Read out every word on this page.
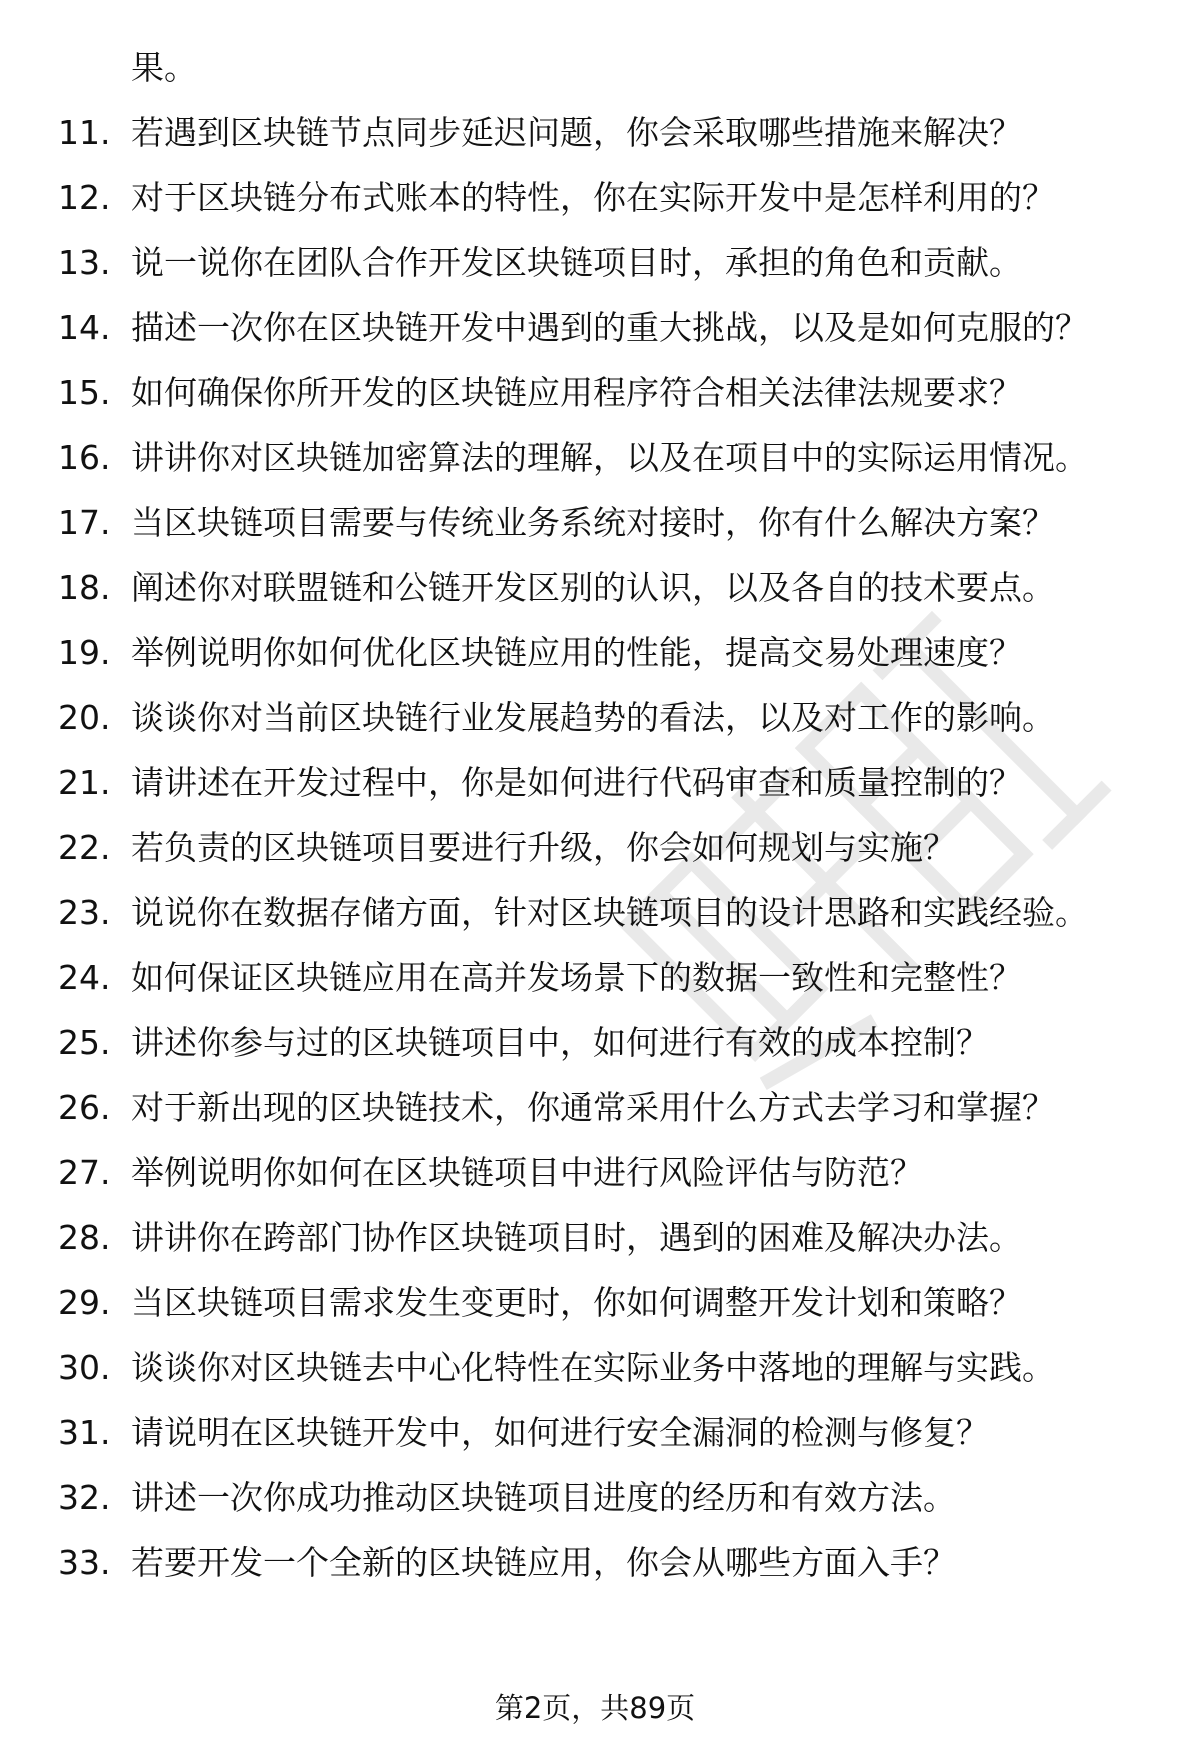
果。
11. 若遇到区块链节点同步延迟问题，你会采取哪些措施来解决？
12. 对于区块链分布式账本的特性，你在实际开发中是怎样利用的？
13. 说一说你在团队合作开发区块链项目时，承担的角色和贡献。
14. 描述一次你在区块链开发中遇到的重大挑战，以及是如何克服的？
15. 如何确保你所开发的区块链应用程序符合相关法律法规要求？
16. 讲讲你对区块链加密算法的理解，以及在项目中的实际运用情况。
17. 当区块链项目需要与传统业务系统对接时，你有什么解决方案？
18. 阐述你对联盟链和公链开发区别的认识，以及各自的技术要点。
19. 举例说明你如何优化区块链应用的性能，提高交易处理速度？
20. 谈谈你对当前区块链行业发展趋势的看法，以及对工作的影响。
21. 请讲述在开发过程中，你是如何进行代码审查和质量控制的？
22. 若负责的区块链项目要进行升级，你会如何规划与实施？
23. 说说你在数据存储方面，针对区块链项目的设计思路和实践经验。
24. 如何保证区块链应用在高并发场景下的数据一致性和完整性？
25. 讲述你参与过的区块链项目中，如何进行有效的成本控制？
26. 对于新出现的区块链技术，你通常采用什么方式去学习和掌握？
27. 举例说明你如何在区块链项目中进行风险评估与防范？
28. 讲讲你在跨部门协作区块链项目时，遇到的困难及解决办法。
29. 当区块链项目需求发生变更时，你如何调整开发计划和策略？
30. 谈谈你对区块链去中心化特性在实际业务中落地的理解与实践。
31. 请说明在区块链开发中，如何进行安全漏洞的检测与修复？
32. 讲述一次你成功推动区块链项目进度的经历和有效方法。
33. 若要开发一个全新的区块链应用，你会从哪些方面入手？
第2页，共89页
